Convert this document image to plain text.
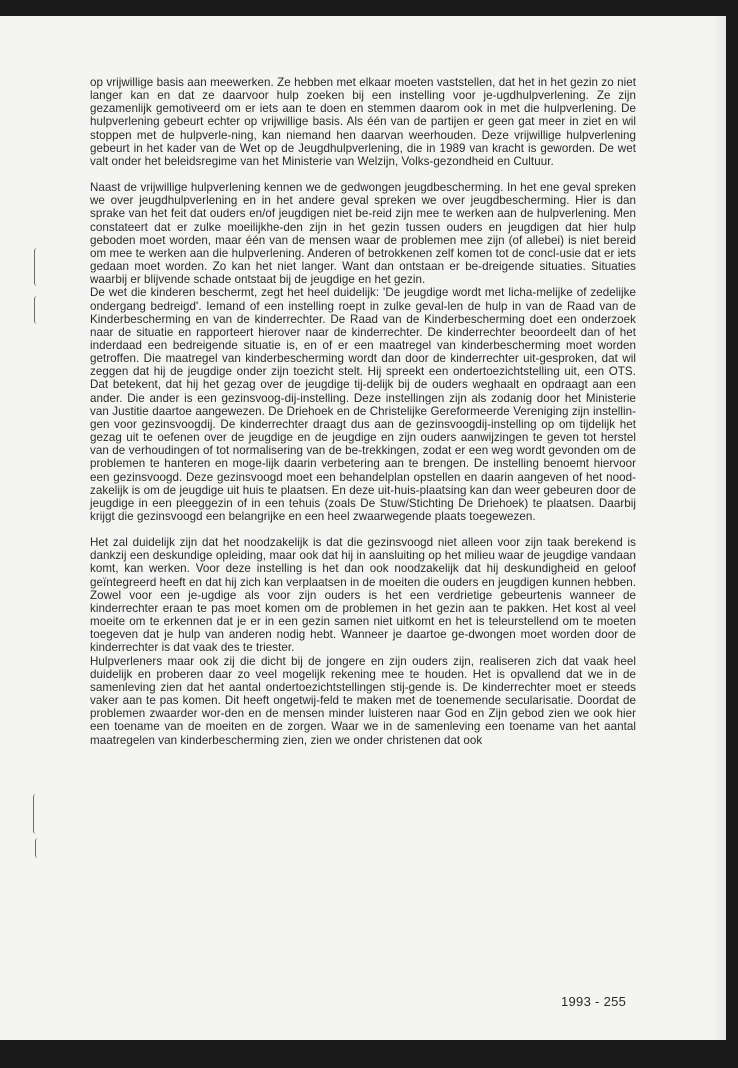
op vrijwillige basis aan meewerken. Ze hebben met elkaar moeten vaststellen, dat het in het gezin zo niet langer kan en dat ze daarvoor hulp zoeken bij een instelling voor je-ugdhulpverlening. Ze zijn gezamenlijk gemotiveerd om er iets aan te doen en stemmen daarom ook in met die hulpverlening. De hulpverlening gebeurt echter op vrijwillige basis. Als één van de partijen er geen gat meer in ziet en wil stoppen met de hulpverle-ning, kan niemand hen daarvan weerhouden. Deze vrijwillige hulpverlening gebeurt in het kader van de Wet op de Jeugdhulpverlening, die in 1989 van kracht is geworden. De wet valt onder het beleidsregime van het Ministerie van Welzijn, Volks-gezondheid en Cultuur.

Naast de vrijwillige hulpverlening kennen we de gedwongen jeugdbescherming. In het ene geval spreken we over jeugdhulpverlening en in het andere geval spreken we over jeugdbescherming. Hier is dan sprake van het feit dat ouders en/of jeugdigen niet be-reid zijn mee te werken aan de hulpverlening. Men constateert dat er zulke moeilijkhe-den zijn in het gezin tussen ouders en jeugdigen dat hier hulp geboden moet worden, maar één van de mensen waar de problemen mee zijn (of allebei) is niet bereid om mee te werken aan die hulpverlening. Anderen of betrokkenen zelf komen tot de concl-usie dat er iets gedaan moet worden. Zo kan het niet langer. Want dan ontstaan er be-dreigende situaties. Situaties waarbij er blijvende schade ontstaat bij de jeugdige en het gezin.

De wet die kinderen beschermt, zegt het heel duidelijk: 'De jeugdige wordt met licha-melijke of zedelijke ondergang bedreigd'. Iemand of een instelling roept in zulke geval-len de hulp in van de Raad van de Kinderbescherming en van de kinderrechter. De Raad van de Kinderbescherming doet een onderzoek naar de situatie en rapporteert hierover naar de kinderrechter. De kinderrechter beoordeelt dan of het inderdaad een bedreigende situatie is, en of er een maatregel van kinderbescherming moet worden getroffen. Die maatregel van kinderbescherming wordt dan door de kinderrechter uit-gesproken, dat wil zeggen dat hij de jeugdige onder zijn toezicht stelt. Hij spreekt een ondertoezichtstelling uit, een OTS. Dat betekent, dat hij het gezag over de jeugdige tij-delijk bij de ouders weghaalt en opdraagt aan een ander. Die ander is een gezinsvoog-dij-instelling. Deze instellingen zijn als zodanig door het Ministerie van Justitie daartoe aangewezen. De Driehoek en de Christelijke Gereformeerde Vereniging zijn instellin-gen voor gezinsvoogdij. De kinderrechter draagt dus aan de gezinsvoogdij-instelling op om tijdelijk het gezag uit te oefenen over de jeugdige en de jeugdige en zijn ouders aanwijzingen te geven tot herstel van de verhoudingen of tot normalisering van de be-trekkingen, zodat er een weg wordt gevonden om de problemen te hanteren en moge-lijk daarin verbetering aan te brengen. De instelling benoemt hiervoor een gezinsvoogd. Deze gezinsvoogd moet een behandelplan opstellen en daarin aangeven of het nood-zakelijk is om de jeugdige uit huis te plaatsen. En deze uit-huis-plaatsing kan dan weer gebeuren door de jeugdige in een pleeggezin of in een tehuis (zoals De Stuw/Stichting De Driehoek) te plaatsen. Daarbij krijgt die gezinsvoogd een belangrijke en een heel zwaarwegende plaats toegewezen.

Het zal duidelijk zijn dat het noodzakelijk is dat die gezinsvoogd niet alleen voor zijn taak berekend is dankzij een deskundige opleiding, maar ook dat hij in aansluiting op het milieu waar de jeugdige vandaan komt, kan werken. Voor deze instelling is het dan ook noodzakelijk dat hij deskundigheid en geloof geïntegreerd heeft en dat hij zich kan verplaatsen in de moeiten die ouders en jeugdigen kunnen hebben. Zowel voor een je-ugdige als voor zijn ouders is het een verdrietige gebeurtenis wanneer de kinderrechter eraan te pas moet komen om de problemen in het gezin aan te pakken. Het kost al veel moeite om te erkennen dat je er in een gezin samen niet uitkomt en het is teleurstellend om te moeten toegeven dat je hulp van anderen nodig hebt. Wanneer je daartoe ge-dwongen moet worden door de kinderrechter is dat vaak des te triester.

Hulpverleners maar ook zij die dicht bij de jongere en zijn ouders zijn, realiseren zich dat vaak heel duidelijk en proberen daar zo veel mogelijk rekening mee te houden. Het is opvallend dat we in de samenleving zien dat het aantal ondertoezichtstellingen stij-gende is. De kinderrechter moet er steeds vaker aan te pas komen. Dit heeft ongetwij-feld te maken met de toenemende secularisatie. Doordat de problemen zwaarder wor-den en de mensen minder luisteren naar God en Zijn gebod zien we ook hier een toename van de moeiten en de zorgen. Waar we in de samenleving een toename van het aantal maatregelen van kinderbescherming zien, zien we onder christenen dat ook

1993 - 255
